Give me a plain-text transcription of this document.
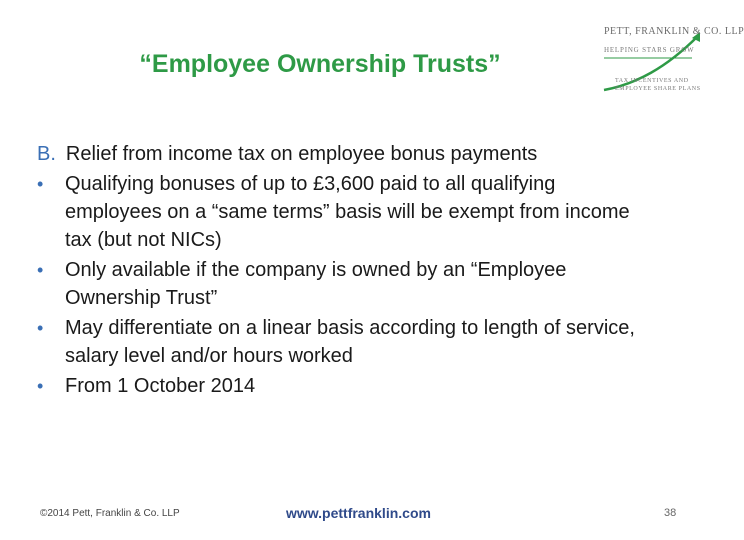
“Employee Ownership Trusts”
PETT, FRANKLIN & CO. LLP
HELPING STARS GROW
TAX INCENTIVES AND
EMPLOYEE SHARE PLANS
B. Relief from income tax on employee bonus payments
• Qualifying bonuses of up to £3,600 paid to all qualifying employees on a “same terms” basis will be exempt from income tax (but not NICs)
• Only available if the company is owned by an “Employee Ownership Trust”
• May differentiate on a linear basis according to length of service, salary level and/or hours worked
• From 1 October 2014
©2014 Pett, Franklin & Co. LLP	www.pettfranklin.com	38
